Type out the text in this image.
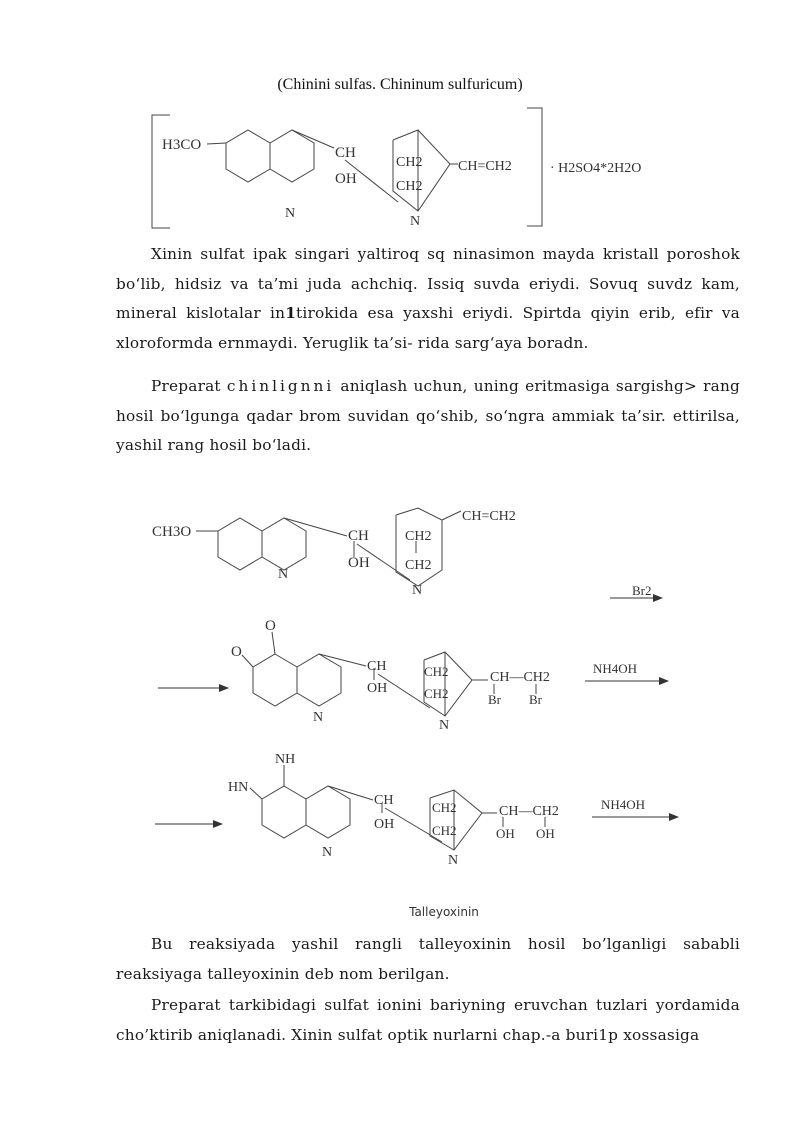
(Chinini sulfas. Chininum sulfuricum)
H3CO	CH
OH
CH2
CH2
CH=CH2
N
N
· H2SO4*2H2O
CH3O	CH
OH
CH2
CH2
CH=CH2
N
N	Br2
O
O
CH
OH
CH2
CH2
CH—CH2
Br Br
N
N
NH4OH
NH
HN
CH
OH
CH2
CH2
CH—CH2
OH OH
N
N
NH4OH
Xinin sulfat ipak singari yaltiroq sq ninasimon mayda kristall poroshok bo‘lib, hidsiz va ta’mi juda achchiq. Issiq suvda eriydi. Sovuq suvdz kam, mineral kislotalar in1tirokida esa yaxshi eriydi. Spirtda qiyin erib, efir va xloroformda ernmaydi. Yeruglik ta’si- rida sarg‘aya boradn.
Preparat chinlignni aniqlash uchun, uning eritmasiga sargishg> rang hosil bo‘lgunga qadar brom suvidan qo‘shib, so‘ngra ammiak ta’sir. ettirilsa, yashil rang hosil bo‘ladi.
Talleyoxinin
Bu reaksiyada yashil rangli talleyoxinin hosil bo’lganligi sababli reaksiyaga talleyoxinin deb nom berilgan.
Preparat tarkibidagi sulfat ionini bariyning eruvchan tuzlari yordamida cho’ktirib aniqlanadi. Xinin sulfat optik nurlarni chap.-a buri1p xossasiga
